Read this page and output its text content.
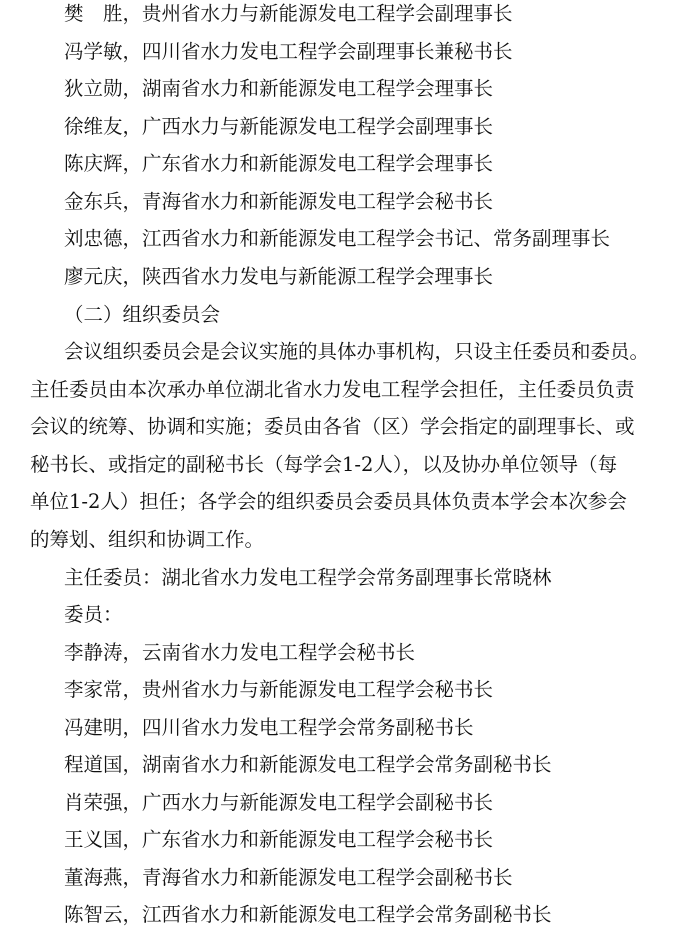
樊　胜，贵州省水力与新能源发电工程学会副理事长
冯学敏，四川省水力发电工程学会副理事长兼秘书长
狄立勋，湖南省水力和新能源发电工程学会理事长
徐维友，广西水力与新能源发电工程学会副理事长
陈庆辉，广东省水力和新能源发电工程学会理事长
金东兵，青海省水力和新能源发电工程学会秘书长
刘忠德，江西省水力和新能源发电工程学会书记、常务副理事长
廖元庆，陕西省水力发电与新能源工程学会理事长
（二）组织委员会
会议组织委员会是会议实施的具体办事机构，只设主任委员和委员。
主任委员由本次承办单位湖北省水力发电工程学会担任，主任委员负责
会议的统筹、协调和实施；委员由各省（区）学会指定的副理事长、或
秘书长、或指定的副秘书长（每学会1-2人），以及协办单位领导（每
单位1-2人）担任；各学会的组织委员会委员具体负责本学会本次参会
的筹划、组织和协调工作。
主任委员：湖北省水力发电工程学会常务副理事长常晓林
委员：
李静涛，云南省水力发电工程学会秘书长
李家常，贵州省水力与新能源发电工程学会秘书长
冯建明，四川省水力发电工程学会常务副秘书长
程道国，湖南省水力和新能源发电工程学会常务副秘书长
肖荣强，广西水力与新能源发电工程学会副秘书长
王义国，广东省水力和新能源发电工程学会秘书长
董海燕，青海省水力和新能源发电工程学会副秘书长
陈智云，江西省水力和新能源发电工程学会常务副秘书长
